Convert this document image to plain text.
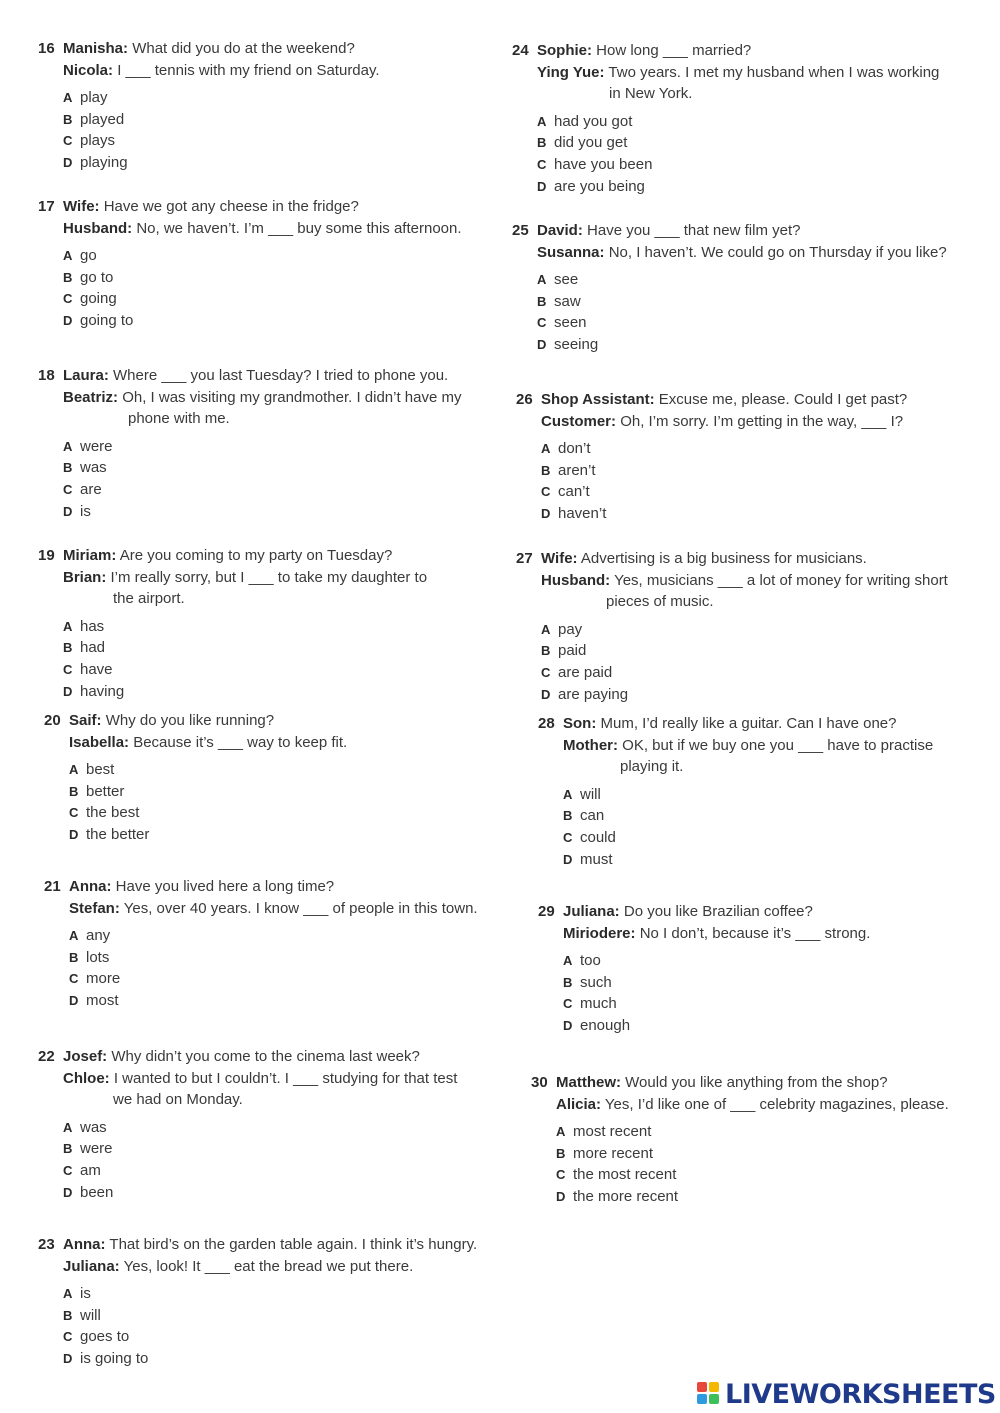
16 Manisha: What did you do at the weekend?
Nicola: I ___ tennis with my friend on Saturday.
A play
B played
C plays
D playing
17 Wife: Have we got any cheese in the fridge?
Husband: No, we haven’t. I’m ___ buy some this afternoon.
A go
B go to
C going
D going to
18 Laura: Where ___ you last Tuesday? I tried to phone you.
Beatriz: Oh, I was visiting my grandmother. I didn’t have my
phone with me.
A were
B was
C are
D is
19 Miriam: Are you coming to my party on Tuesday?
Brian: I’m really sorry, but I ___ to take my daughter to
the airport.
A has
B had
C have
D having
20 Saif: Why do you like running?
Isabella: Because it’s ___ way to keep fit.
A best
B better
C the best
D the better
21 Anna: Have you lived here a long time?
Stefan: Yes, over 40 years. I know ___ of people in this town.
A any
B lots
C more
D most
22 Josef: Why didn’t you come to the cinema last week?
Chloe: I wanted to but I couldn’t. I ___ studying for that test
we had on Monday.
A was
B were
C am
D been
23 Anna: That bird’s on the garden table again. I think it’s hungry.
Juliana: Yes, look! It ___ eat the bread we put there.
A is
B will
C goes to
D is going to
24 Sophie: How long ___ married?
Ying Yue: Two years. I met my husband when I was working
in New York.
A had you got
B did you get
C have you been
D are you being
25 David: Have you ___ that new film yet?
Susanna: No, I haven’t. We could go on Thursday if you like?
A see
B saw
C seen
D seeing
26 Shop Assistant: Excuse me, please. Could I get past?
Customer: Oh, I’m sorry. I’m getting in the way, ___ I?
A don’t
B aren’t
C can’t
D haven’t
27 Wife: Advertising is a big business for musicians.
Husband: Yes, musicians ___ a lot of money for writing short
pieces of music.
A pay
B paid
C are paid
D are paying
28 Son: Mum, I’d really like a guitar. Can I have one?
Mother: OK, but if we buy one you ___ have to practise
playing it.
A will
B can
C could
D must
29 Juliana: Do you like Brazilian coffee?
Miriodere: No I don’t, because it’s ___ strong.
A too
B such
C much
D enough
30 Matthew: Would you like anything from the shop?
Alicia: Yes, I’d like one of ___ celebrity magazines, please.
A most recent
B more recent
C the most recent
D the more recent
LIVEWORKSHEETS
